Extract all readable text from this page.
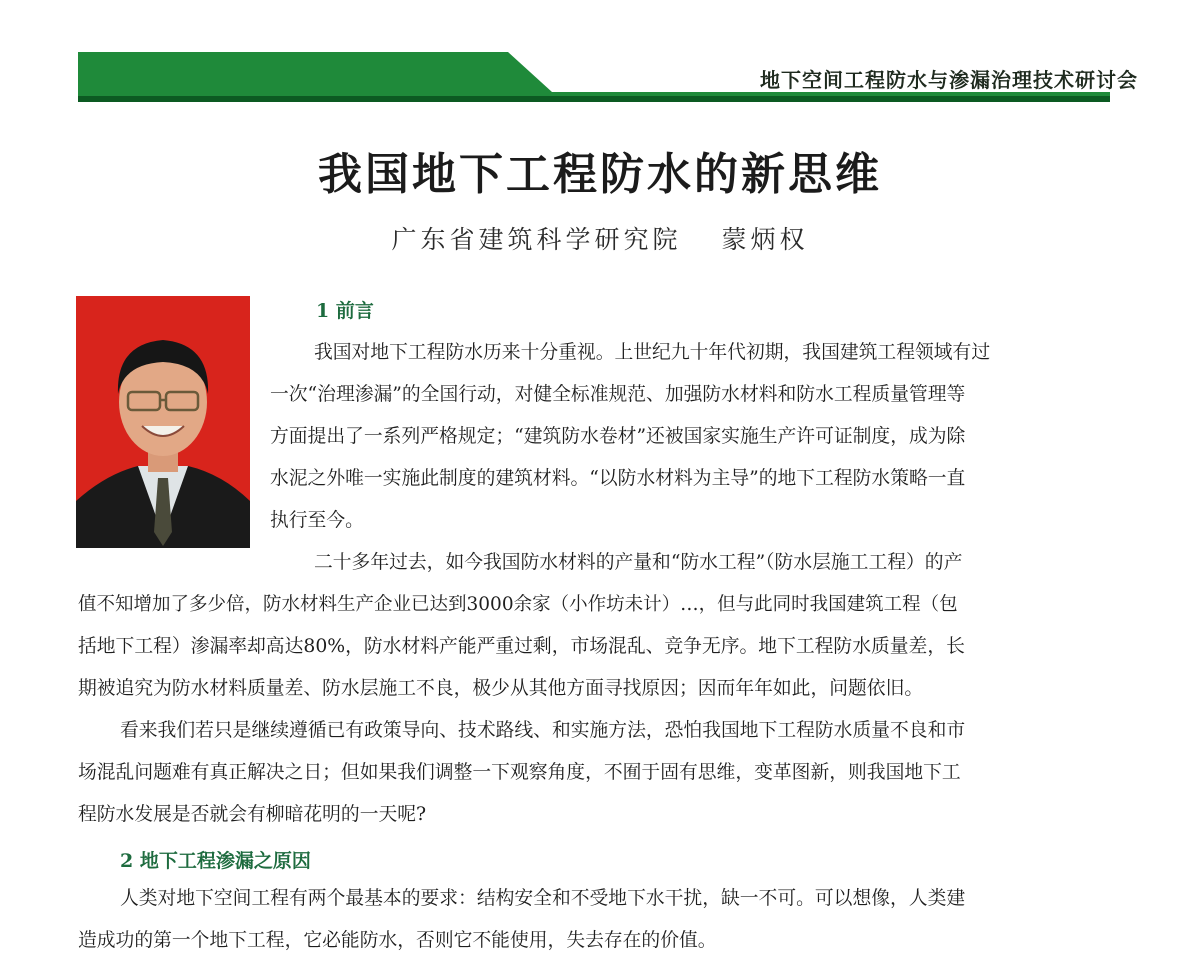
地下空间工程防水与渗漏治理技术研讨会
我国地下工程防水的新思维
广东省建筑科学研究院 蒙炳权
1 前言
我国对地下工程防水历来十分重视。上世纪九十年代初期，我国建筑工程领域有过
一次“治理渗漏”的全国行动，对健全标准规范、加强防水材料和防水工程质量管理等
方面提出了一系列严格规定；“建筑防水卷材”还被国家实施生产许可证制度，成为除
水泥之外唯一实施此制度的建筑材料。“以防水材料为主导”的地下工程防水策略一直
执行至今。
二十多年过去，如今我国防水材料的产量和“防水工程”（防水层施工工程）的产
值不知增加了多少倍，防水材料生产企业已达到3000余家（小作坊未计）…，但与此同时我国建筑工程（包
括地下工程）渗漏率却高达80%，防水材料产能严重过剩，市场混乱、竞争无序。地下工程防水质量差，长
期被追究为防水材料质量差、防水层施工不良，极少从其他方面寻找原因；因而年年如此，问题依旧。
看来我们若只是继续遵循已有政策导向、技术路线、和实施方法，恐怕我国地下工程防水质量不良和市
场混乱问题难有真正解决之日；但如果我们调整一下观察角度，不囿于固有思维，变革图新，则我国地下工
程防水发展是否就会有柳暗花明的一天呢?
2 地下工程渗漏之原因
人类对地下空间工程有两个最基本的要求：结构安全和不受地下水干扰，缺一不可。可以想像，人类建
造成功的第一个地下工程，它必能防水，否则它不能使用，失去存在的价值。
